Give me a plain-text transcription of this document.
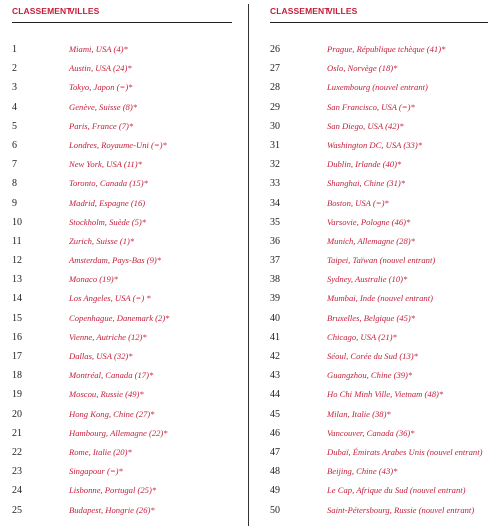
CLASSEMENT
VILLES
1	Miami, USA (4)*
2	Austin, USA (24)*
3	Tokyo, Japon (=)*
4	Genève, Suisse (8)*
5	Paris, France (7)*
6	Londres, Royaume-Uni (=)*
7	New York, USA (11)*
8	Toronto, Canada (15)*
9	Madrid, Espagne (16)
10	Stockholm, Suède (5)*
11	Zurich, Suisse (1)*
12	Amsterdam, Pays-Bas (9)*
13	Monaco (19)*
14	Los Angeles, USA (=) *
15	Copenhague, Danemark (2)*
16	Vienne, Autriche (12)*
17	Dallas, USA (32)*
18	Montréal, Canada (17)*
19	Moscou, Russie (49)*
20	Hong Kong, Chine (27)*
21	Hambourg, Allemagne (22)*
22	Rome, Italie (20)*
23	Singapour (=)*
24	Lisbonne, Portugal (25)*
25	Budapest, Hongrie (26)*
CLASSEMENT
VILLES
26	Prague, République tchèque (41)*
27	Oslo, Norvège (18)*
28	Luxembourg (nouvel entrant)
29	San Francisco, USA (=)*
30	San Diego, USA (42)*
31	Washington DC, USA (33)*
32	Dublin, Irlande (40)*
33	Shanghai, Chine (31)*
34	Boston, USA (=)*
35	Varsovie, Pologne (46)*
36	Munich, Allemagne (28)*
37	Taipei, Taïwan (nouvel entrant)
38	Sydney, Australie (10)*
39	Mumbai, Inde (nouvel entrant)
40	Bruxelles, Belgique (45)*
41	Chicago, USA (21)*
42	Séoul, Corée du Sud (13)*
43	Guangzhou, Chine (39)*
44	Ho Chi Minh Ville, Vietnam (48)*
45	Milan, Italie (38)*
46	Vancouver, Canada (36)*
47	Dubaï, Émirats Arabes Unis (nouvel entrant)
48	Beijing, Chine (43)*
49	Le Cap, Afrique du Sud (nouvel entrant)
50	Saint-Pétersbourg, Russie (nouvel entrant)
